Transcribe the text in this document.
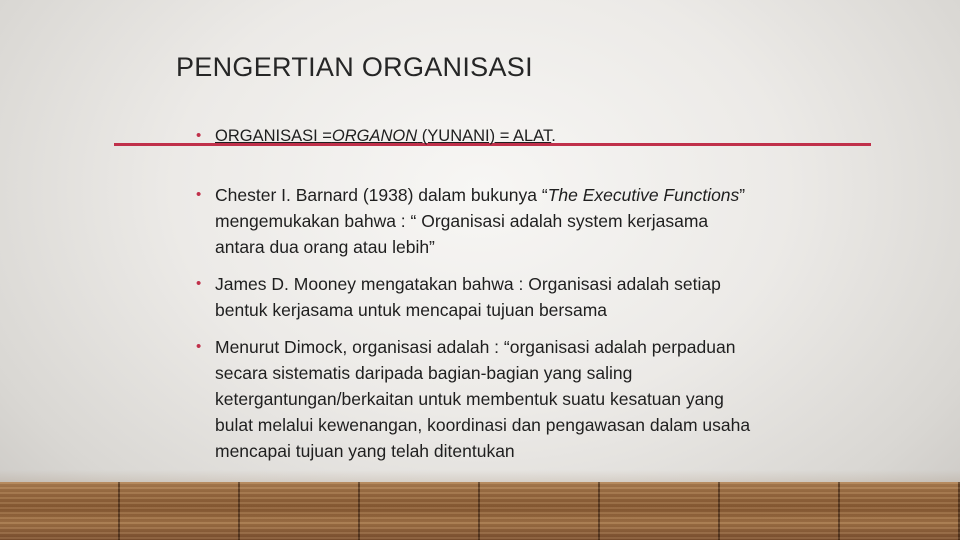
PENGERTIAN ORGANISASI
• ORGANISASI =ORGANON (YUNANI) = ALAT.
• Chester I. Barnard (1938) dalam bukunya “The Executive Functions” mengemukakan bahwa : “ Organisasi adalah system kerjasama antara dua orang atau lebih”
• James D. Mooney mengatakan bahwa : Organisasi adalah setiap bentuk kerjasama untuk mencapai tujuan bersama
• Menurut Dimock, organisasi adalah : “organisasi adalah perpaduan secara sistematis daripada bagian-bagian yang saling ketergantungan/berkaitan untuk membentuk suatu kesatuan yang bulat melalui kewenangan, koordinasi dan pengawasan dalam usaha mencapai tujuan yang telah ditentukan
